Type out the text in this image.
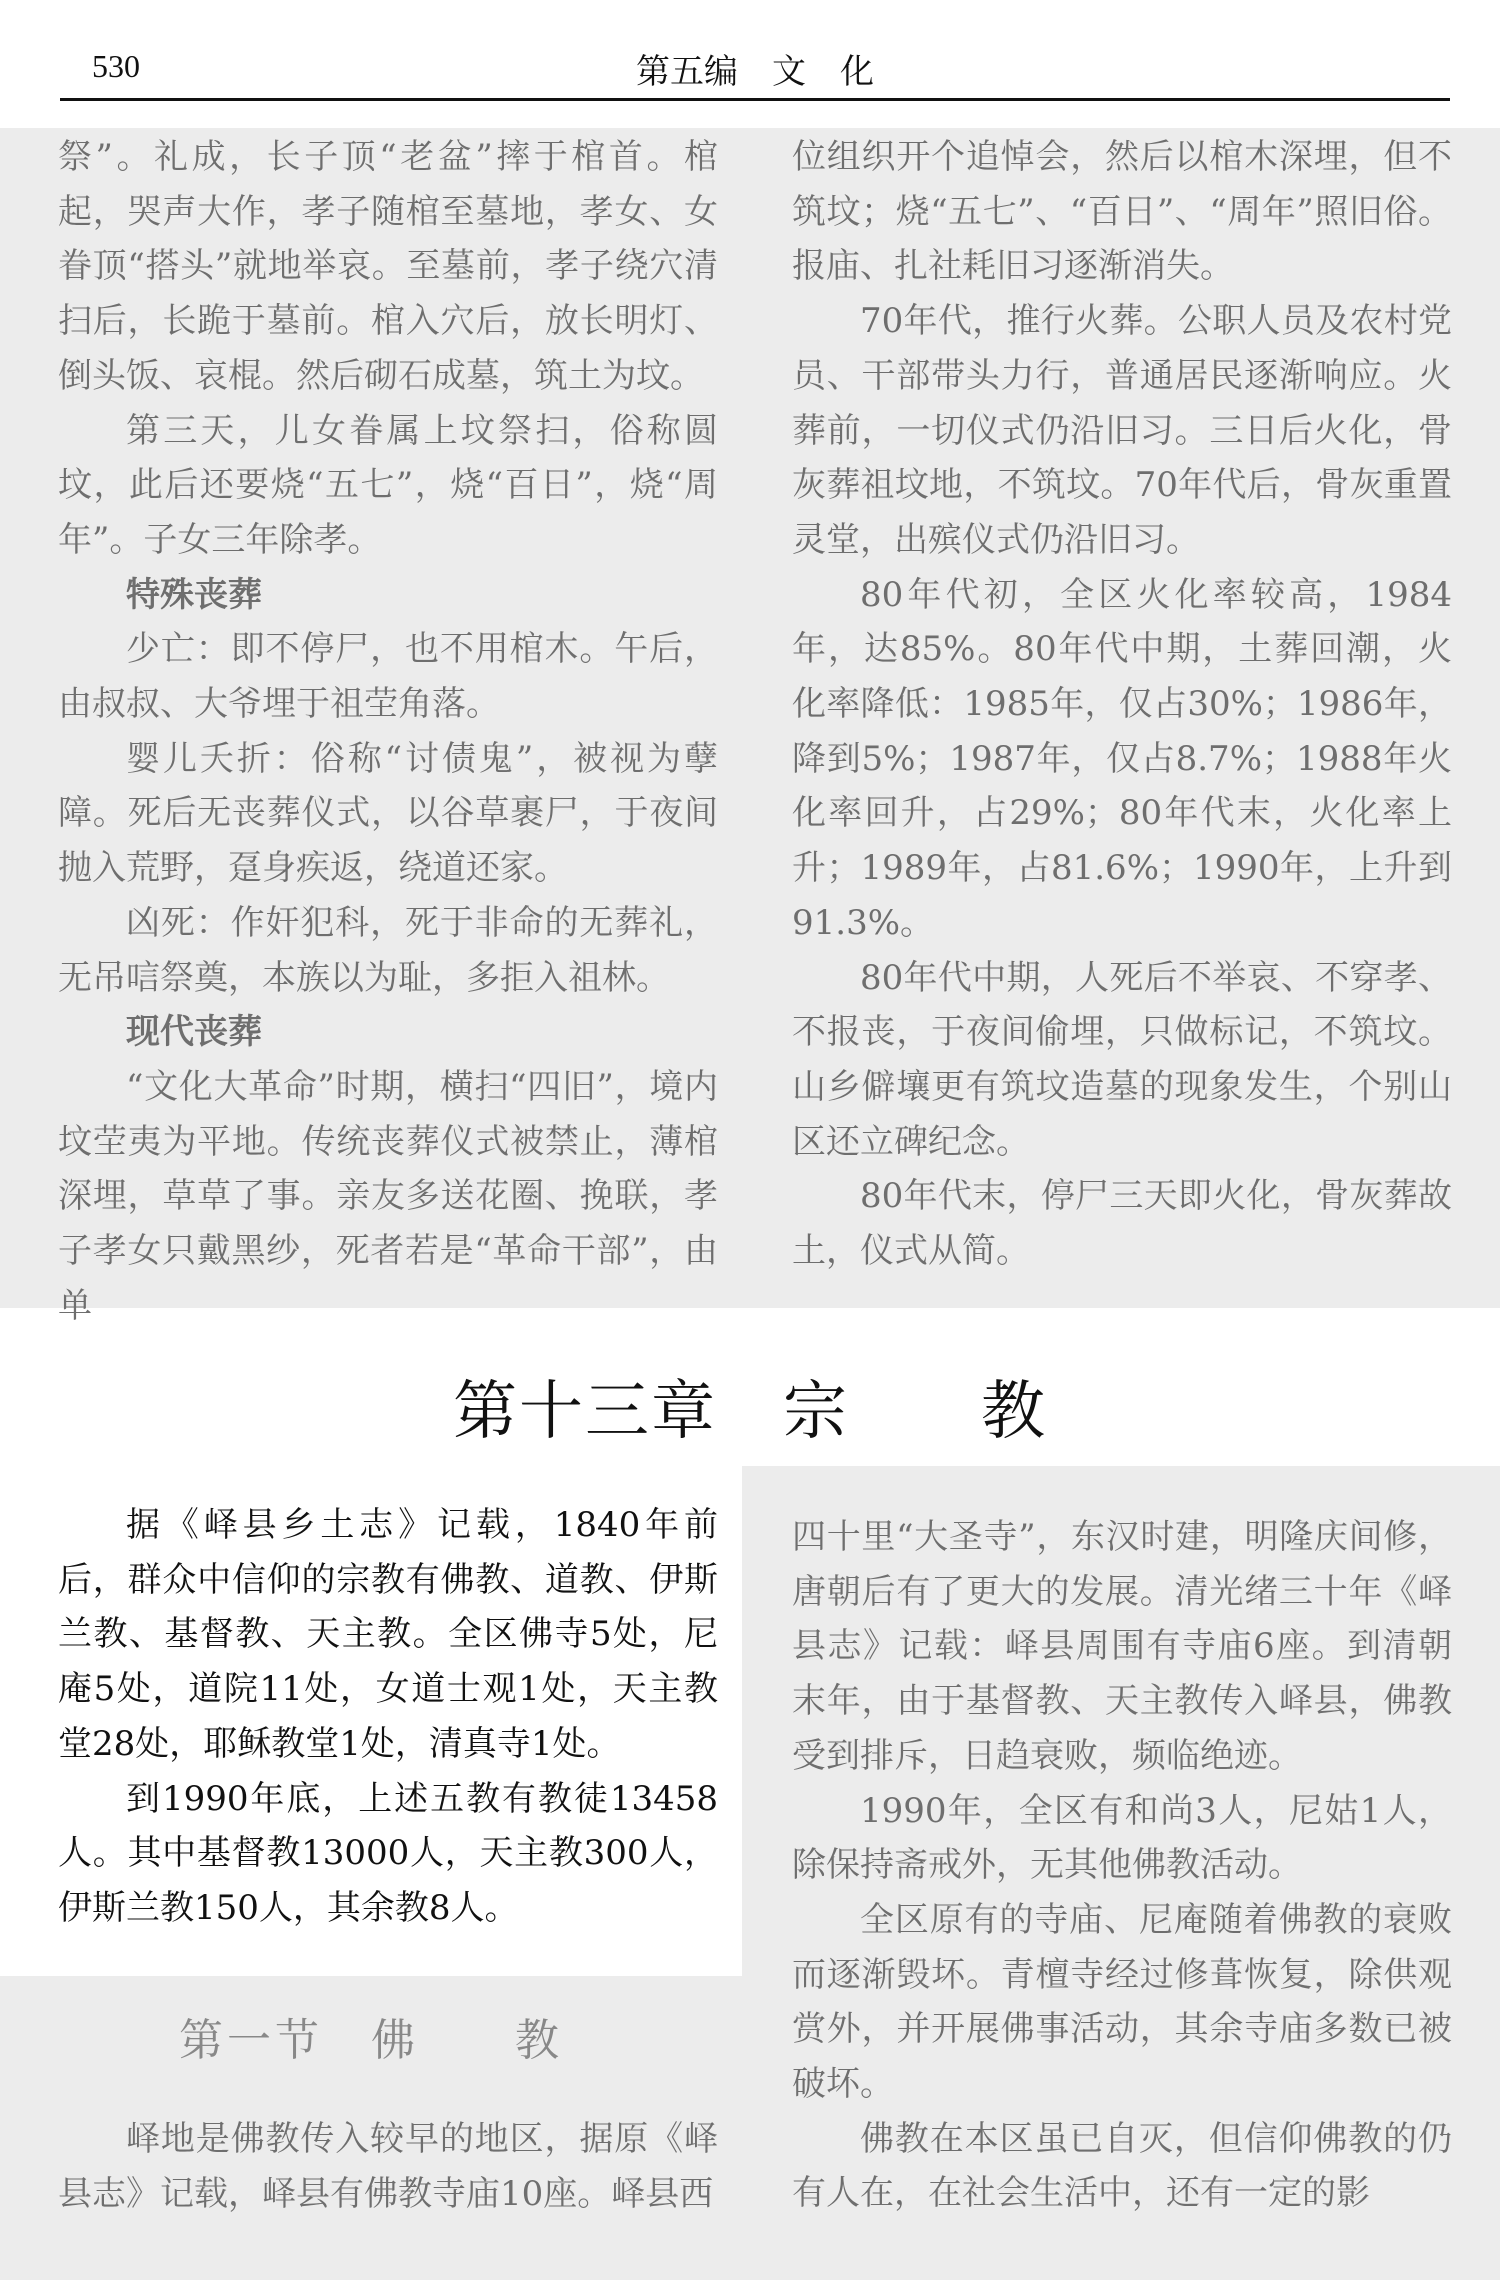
530	第五编　文　化

祭”。礼成，长子顶“老盆”摔于棺首。棺起，哭声大作，孝子随棺至墓地，孝女、女眷顶“搭头”就地举哀。至墓前，孝子绕穴清扫后，长跪于墓前。棺入穴后，放长明灯、倒头饭、哀棍。然后砌石成墓，筑土为坟。

第三天，儿女眷属上坟祭扫，俗称圆坟，此后还要烧“五七”，烧“百日”，烧“周年”。子女三年除孝。

特殊丧葬

少亡：即不停尸，也不用棺木。午后，由叔叔、大爷埋于祖茔角落。

婴儿夭折：俗称“讨债鬼”，被视为孽障。死后无丧葬仪式，以谷草裹尸，于夜间抛入荒野，趸身疾返，绕道还家。

凶死：作奸犯科，死于非命的无葬礼，无吊唁祭奠，本族以为耻，多拒入祖林。

现代丧葬

“文化大革命”时期，横扫“四旧”，境内坟茔夷为平地。传统丧葬仪式被禁止，薄棺深埋，草草了事。亲友多送花圈、挽联，孝子孝女只戴黑纱，死者若是“革命干部”，由单

位组织开个追悼会，然后以棺木深埋，但不筑坟；烧“五七”、“百日”、“周年”照旧俗。报庙、扎社耗旧习逐渐消失。

70年代，推行火葬。公职人员及农村党员、干部带头力行，普通居民逐渐响应。火葬前，一切仪式仍沿旧习。三日后火化，骨灰葬祖坟地，不筑坟。70年代后，骨灰重置灵堂，出殡仪式仍沿旧习。

80年代初，全区火化率较高，1984年，达85%。80年代中期，土葬回潮，火化率降低：1985年，仅占30%；1986年，降到5%；1987年，仅占8.7%；1988年火化率回升，占29%；80年代末，火化率上升；1989年，占81.6%；1990年，上升到91.3%。

80年代中期，人死后不举哀、不穿孝、不报丧，于夜间偷埋，只做标记，不筑坟。山乡僻壤更有筑坟造墓的现象发生，个别山区还立碑纪念。

80年代末，停尸三天即火化，骨灰葬故土，仪式从简。

第十三章　宗　　教

据《峄县乡土志》记载，1840年前后，群众中信仰的宗教有佛教、道教、伊斯兰教、基督教、天主教。全区佛寺5处，尼庵5处，道院11处，女道士观1处，天主教堂28处，耶稣教堂1处，清真寺1处。

到1990年底，上述五教有教徒13458人。其中基督教13000人，天主教300人，伊斯兰教150人，其余教8人。

第一节　佛　　教

峄地是佛教传入较早的地区，据原《峄县志》记载，峄县有佛教寺庙10座。峄县西

四十里“大圣寺”，东汉时建，明隆庆间修，唐朝后有了更大的发展。清光绪三十年《峄县志》记载：峄县周围有寺庙6座。到清朝末年，由于基督教、天主教传入峄县，佛教受到排斥，日趋衰败，频临绝迹。

1990年，全区有和尚3人，尼姑1人，除保持斋戒外，无其他佛教活动。

全区原有的寺庙、尼庵随着佛教的衰败而逐渐毁坏。青檀寺经过修葺恢复，除供观赏外，并开展佛事活动，其余寺庙多数已被破坏。

佛教在本区虽已自灭，但信仰佛教的仍有人在，在社会生活中，还有一定的影
